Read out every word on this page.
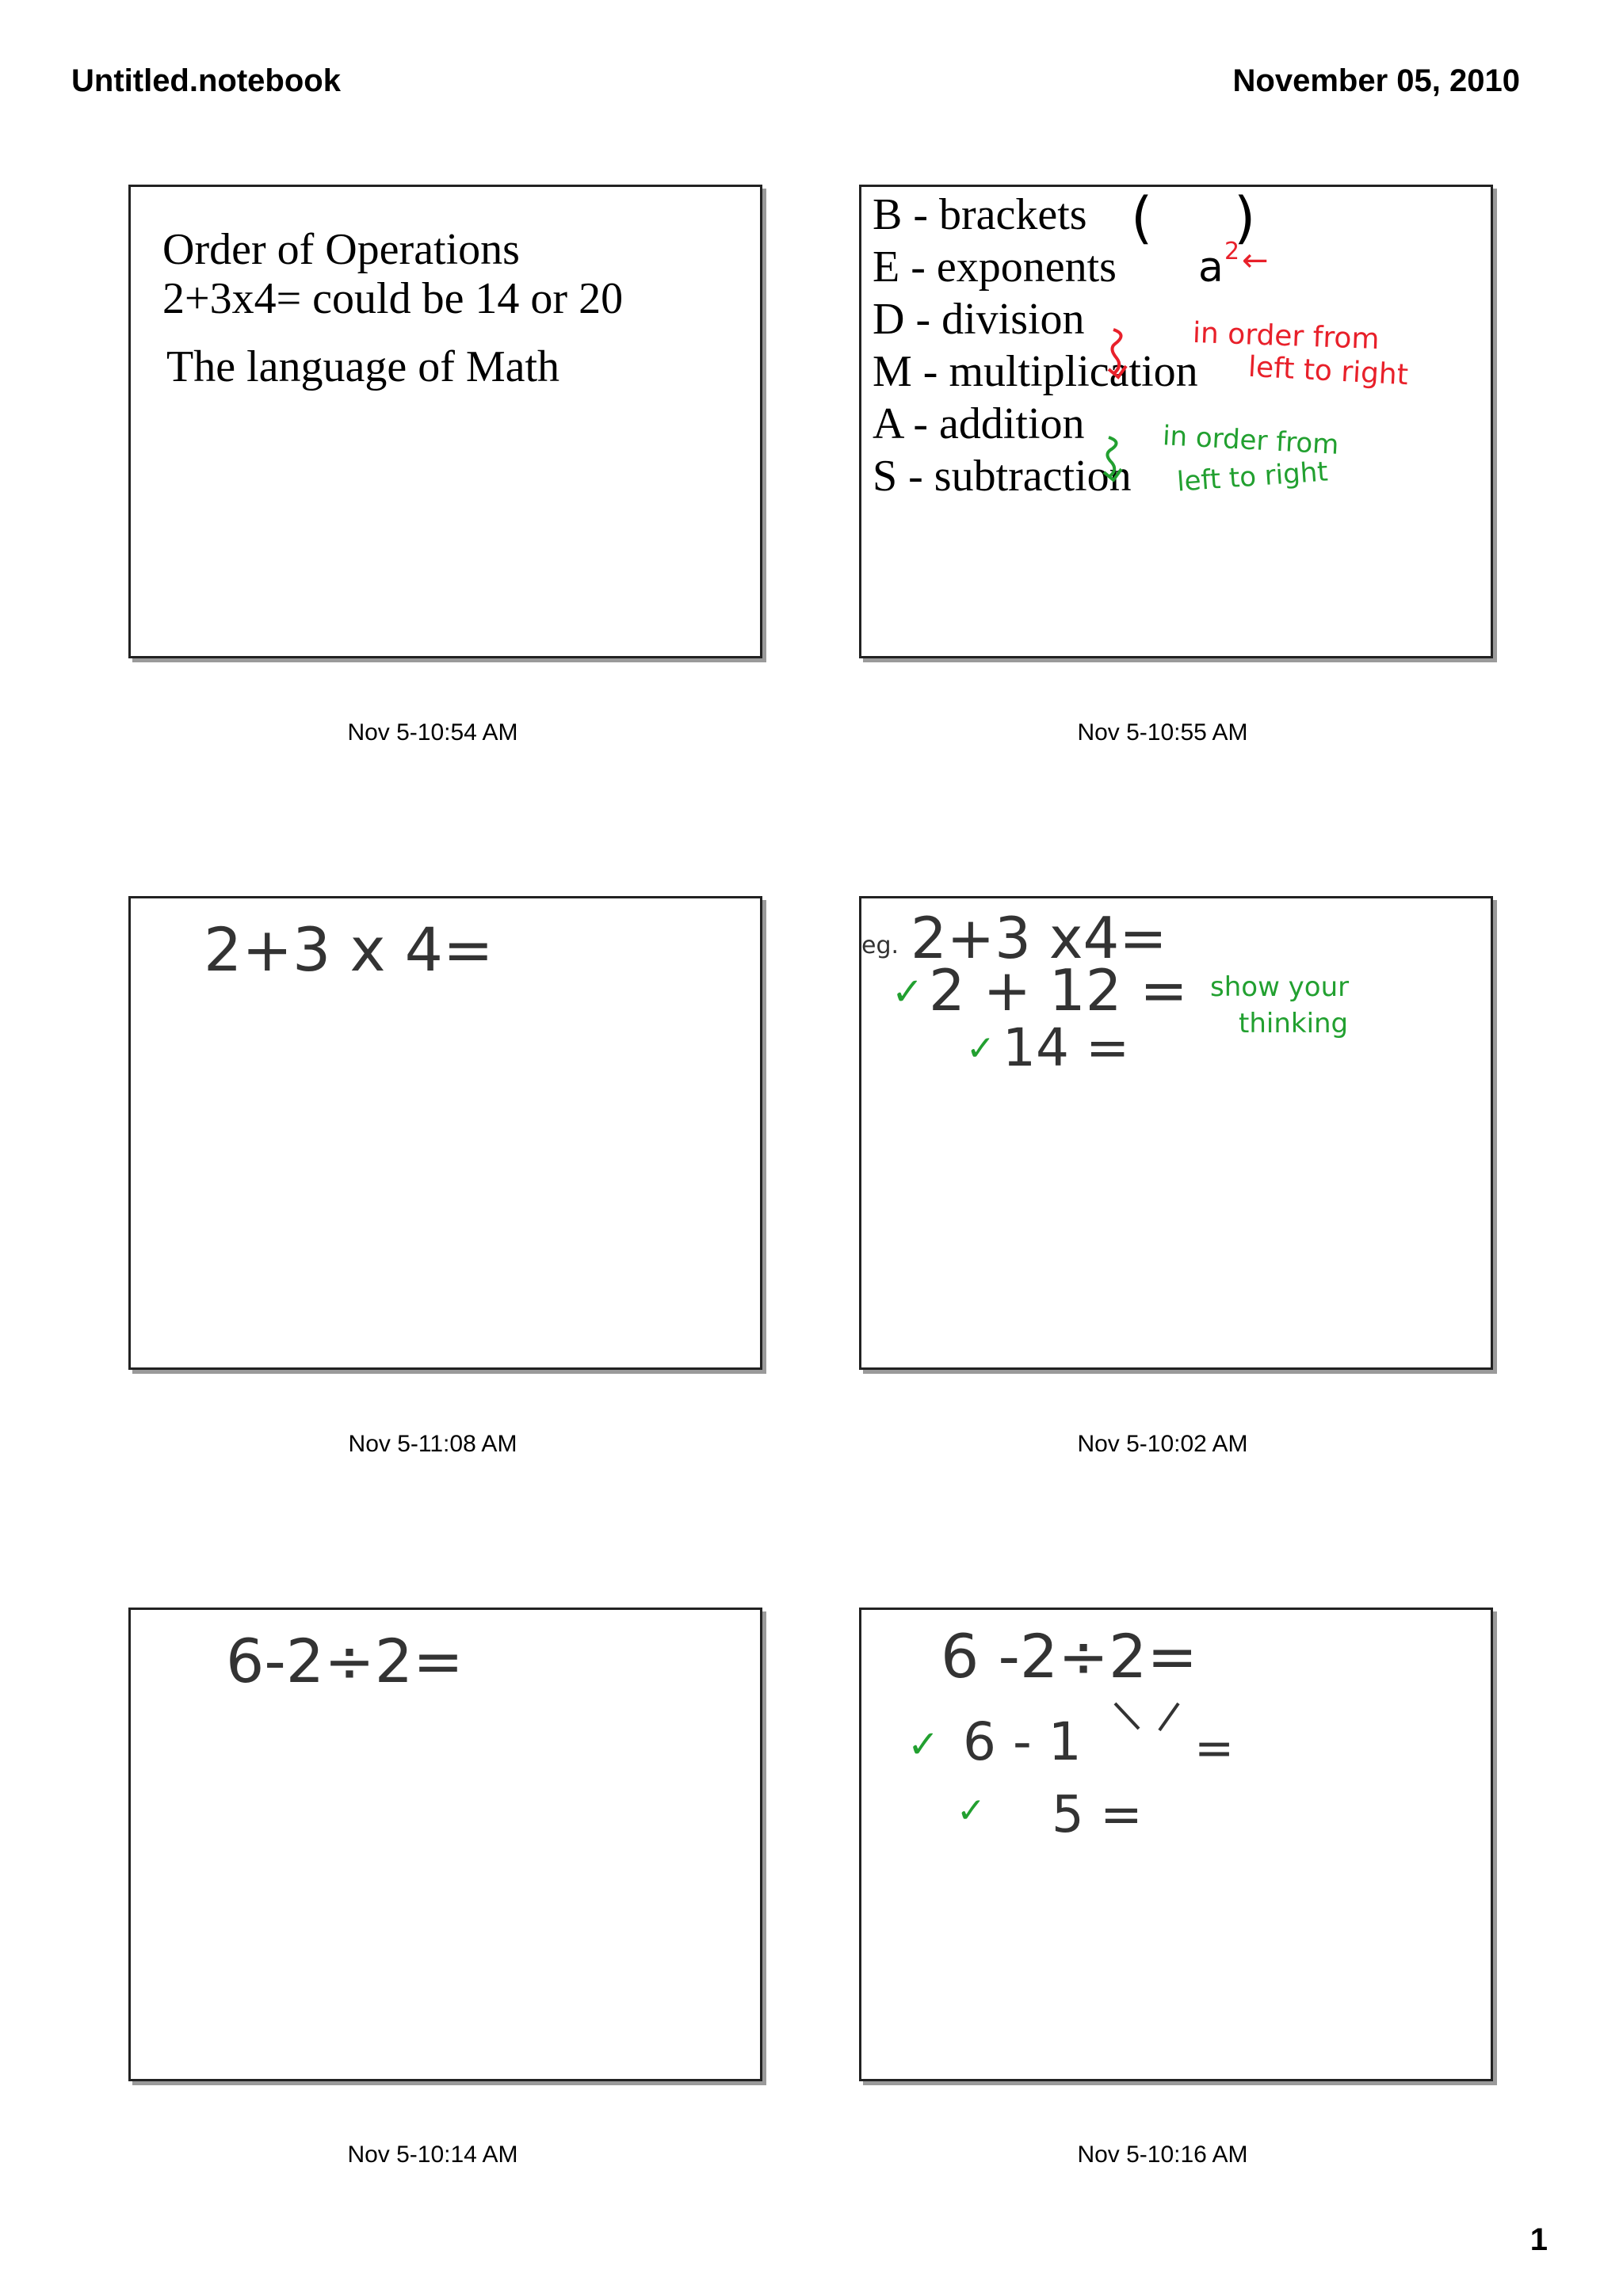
Untitled.notebook	November 05, 2010
Order of Operations
2+3x4= could be 14 or 20
The language of Math
Nov 5-10:54 AM
B - brackets
E - exponents
D - division
M - multiplication
A - addition
S - subtraction
( )
a 2 ←
in order from
left to right
in order from
left to right
Nov 5-10:55 AM
2+3 x 4=
Nov 5-11:08 AM
eg. 2+3 x4=
✓ 2 + 12 =
✓ 14 =
show your
thinking
Nov 5-10:02 AM
6-2÷2=
Nov 5-10:14 AM
6 -2÷2=
✓ 6 - 1 =
✓ 5 =
Nov 5-10:16 AM
1
